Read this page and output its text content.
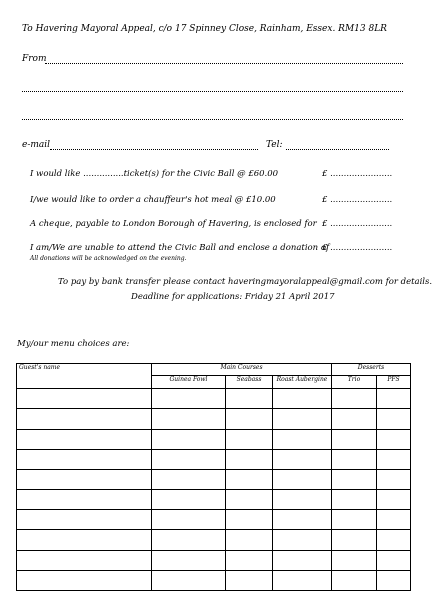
To Havering Mayoral Appeal, c/o 17 Spinney Close, Rainham, Essex. RM13 8LR
From
e-mail	Tel:
I would like ...............ticket(s) for the Civic Ball @ £60.00	£ .......................
I/we would like to order a chauffeur's hot meal @ £10.00	£ .......................
A cheque, payable to London Borough of Havering, is enclosed for £ .......................
I am/We are unable to attend the Civic Ball and enclose a donation of
£ .......................
All donations will be acknowledged on the evening.
To pay by bank transfer please contact haveringmayoralappeal@gmail.com for details.
Deadline for applications: Friday 21 April 2017
My/our menu choices are:
Guest's name	Main Courses			Desserts	
	Guinea Fowl	Seabass	Roast Aubergine	Trio	PFS
